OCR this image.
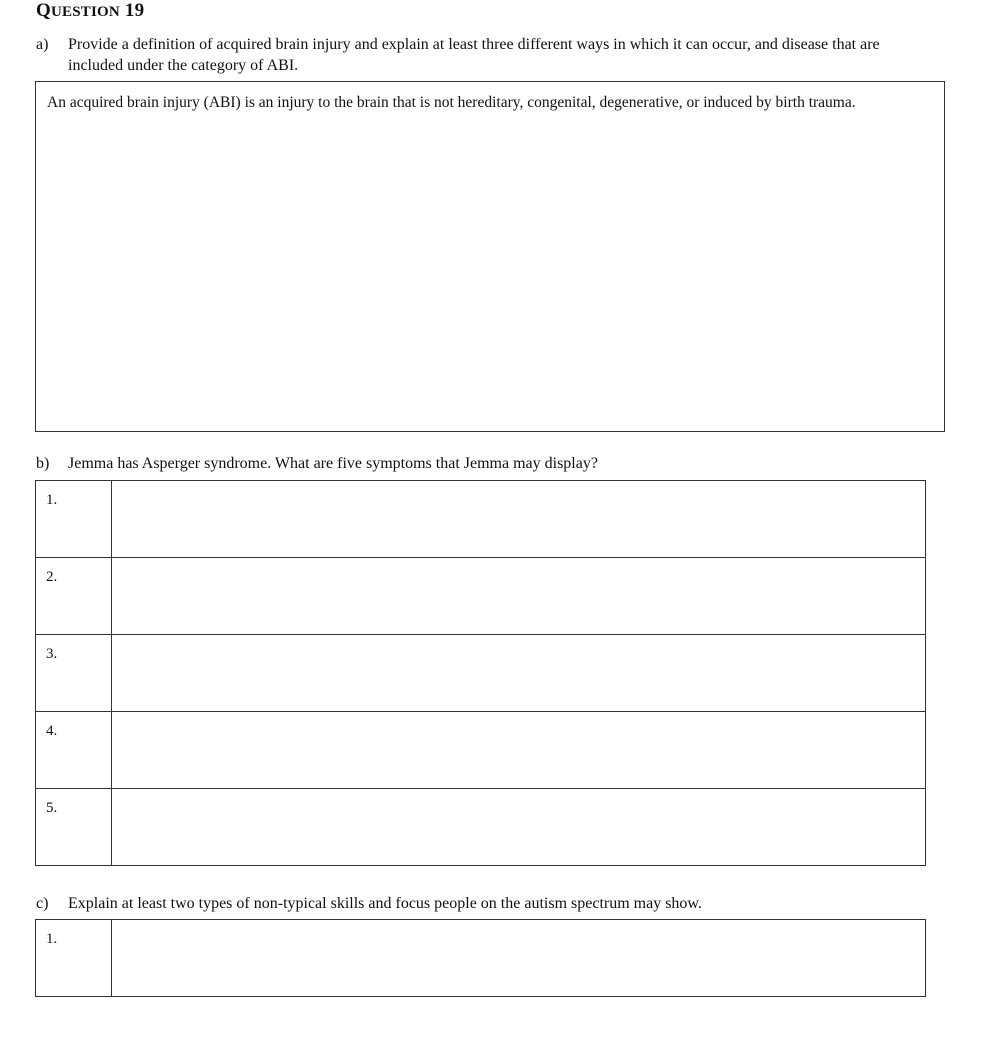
QUESTION 19
a) Provide a definition of acquired brain injury and explain at least three different ways in which it can occur, and disease that are included under the category of ABI.
An acquired brain injury (ABI) is an injury to the brain that is not hereditary, congenital, degenerative, or induced by birth trauma.
b) Jemma has Asperger syndrome. What are five symptoms that Jemma may display?
1.	
2.	
3.	
4.	
5.	
c) Explain at least two types of non-typical skills and focus people on the autism spectrum may show.
1.	
